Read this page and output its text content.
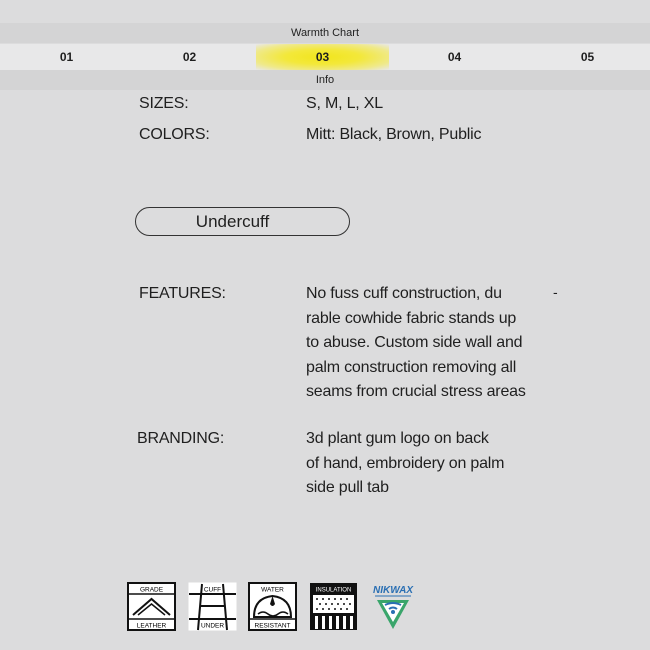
Warmth Chart
01	02	03	04	05
Info
SIZES:	S, M, L, XL
COLORS:	Mitt: Black, Brown, Public
Undercuff
FEATURES:	No fuss cuff construction, du
rable cowhide fabric stands up
to abuse. Custom side wall and
palm construction removing all
seams from crucial stress areas
-
BRANDING:	3d plant gum logo on back
of hand, embroidery on palm
side pull tab
GRADE
LEATHER
CUFF
UNDER
WATER
RESISTANT
INSULATION NIKWAX
